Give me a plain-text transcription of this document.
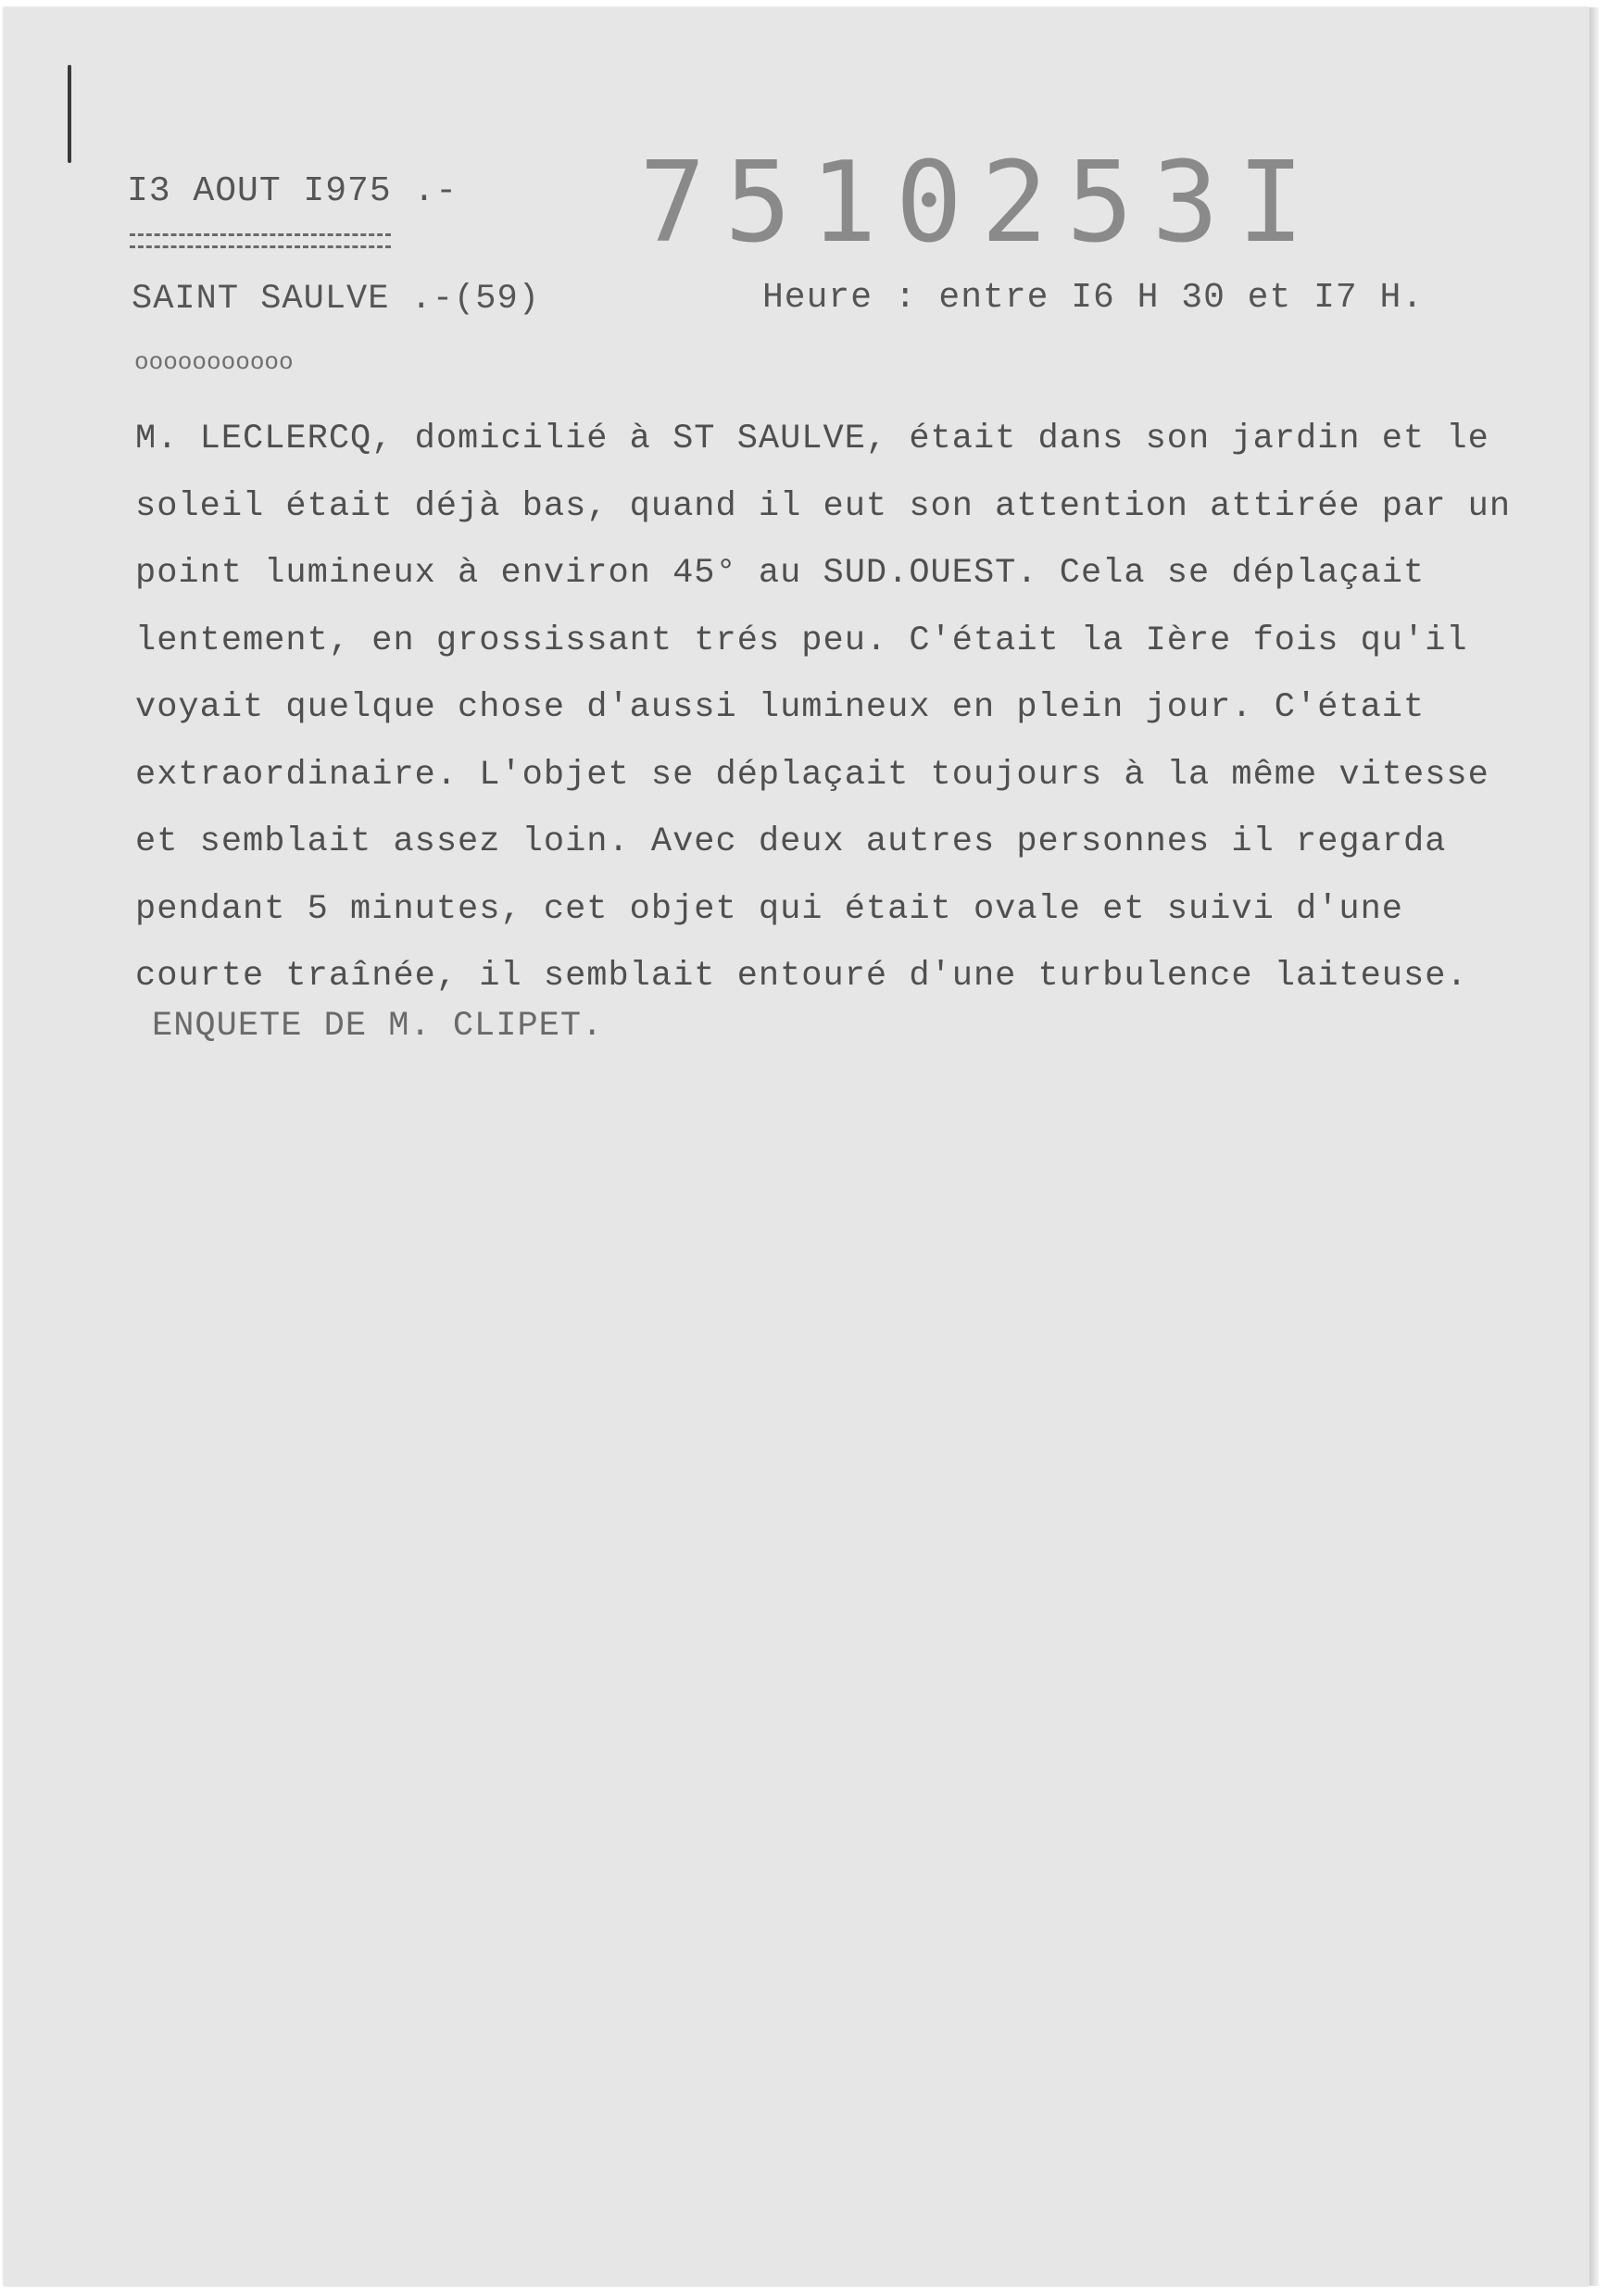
I3 AOUT I975 .- 7510253I
SAINT SAULVE .-(59)	Heure : entre I6 H 30 et I7 H.
ooooooooooo
M. LECLERCQ, domicilié à ST SAULVE, était dans son jardin et le
soleil était déjà bas, quand il eut son attention attirée par un
point lumineux à environ 45° au SUD.OUEST. Cela se déplaçait
lentement, en grossissant trés peu. C'était la Ière fois qu'il
voyait quelque chose d'aussi lumineux en plein jour. C'était
extraordinaire. L'objet se déplaçait toujours à la même vitesse
et semblait assez loin. Avec deux autres personnes il regarda
pendant 5 minutes, cet objet qui était ovale et suivi d'une
courte traînée, il semblait entouré d'une turbulence laiteuse.
ENQUETE DE M. CLIPET.
